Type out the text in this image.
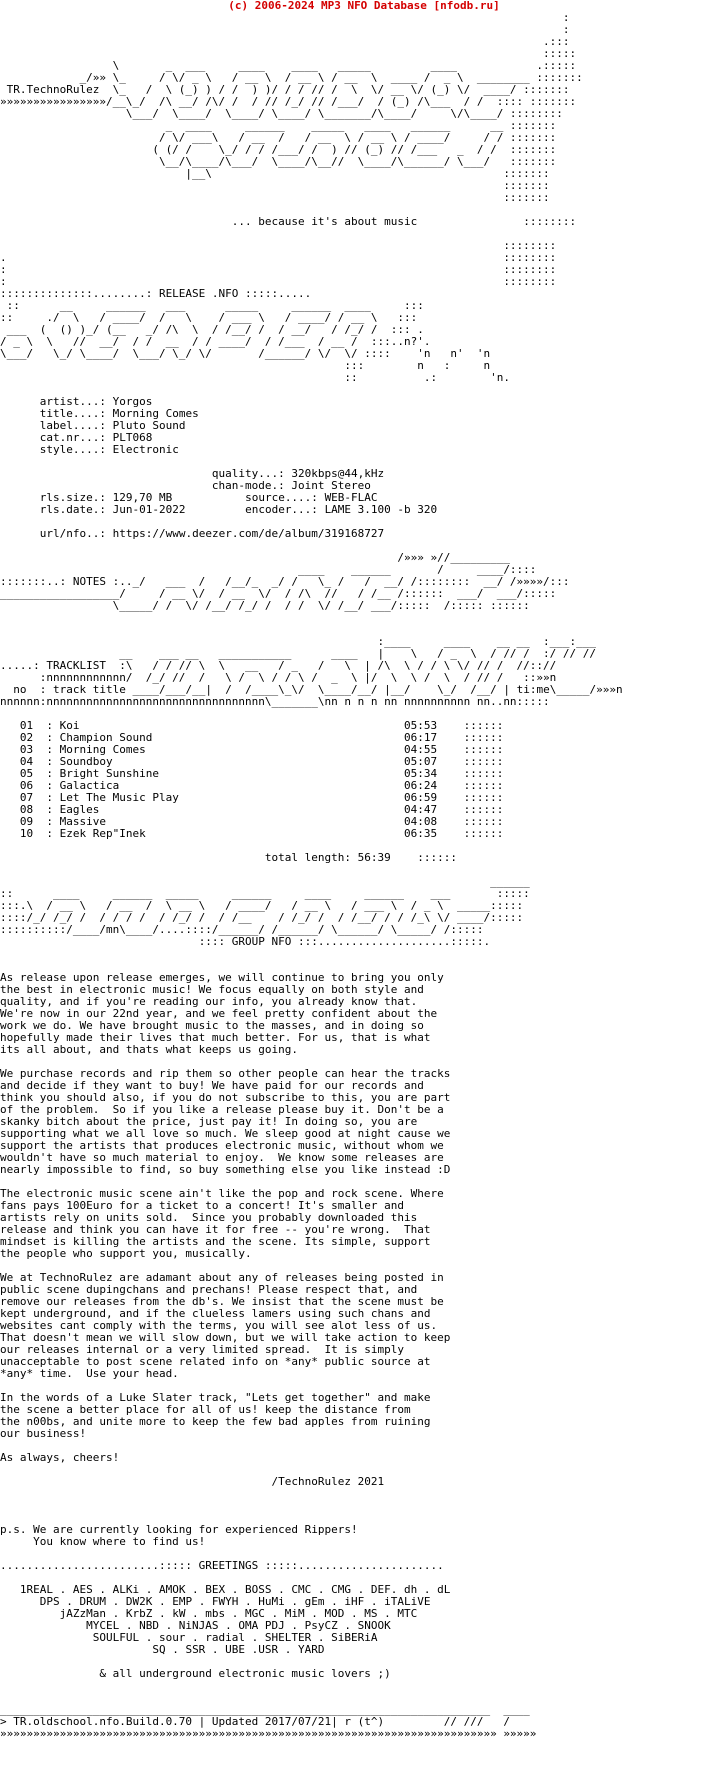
(c) 2006-2024 MP3 NFO Database [nfodb.ru]
:
:
.:::
:::::
\       _  ___     ____    ____   _____         ____            .:::::
_/»» \_     / \/ _ \   / __ \  / __ \ / __  \  ____ /  _ \  ________ :::::::
TR.TechnoRulez  \_   /  \ (_) ) / /  ) )/ / / // /  \  \/ __ \/ (_) \/  ____/ :::::::
»»»»»»»»»»»»»»»»/__\_/  /\ __/ /\/ /  / // /_/ // /___/  / (_) /\___  / /  :::: :::::::
\___/  \____/  \____/ \____/ \_______/\____/     \/\____/ ::::::::
_  ____     ______    _____   ____   ______      __ :::::::
/ \/ ___\   / __  /   / __  \ / __ \ / ____/     / / :::::::
( (/ /    \_/ / / /___/ /  ) // (_) // /___   _  / /  :::::::
\__/\____/\___/  \____/\__//  \____/\______/ \___/   :::::::
|__\                                            :::::::
:::::::
:::::::

... because it's about music                ::::::::

::::::::
.                                                                           ::::::::
:                                                                           ::::::::
:                                                                           ::::::::
::::::::::::::........: RELEASE .NFO :::::.....
::      __     ______   ___      _____     ______  ____     :::
::     ./  \   / ____/  /   \    / ___ \   / ____/ / __ \   :::
___  (  () )_/ (__   _/ /\  \  / /__/ /  / __/   / /_/ /  ::: .
/ _ \  \   //  __/  / /  __  / / ____/  / /___  / __ /  :::..n?'.
\___/   \_/ \____/  \___/ \_/ \/       /______/ \/  \/ ::::    'n   n'  'n
:::        n   :     n
::          .:        'n.

artist...: Yorgos
title....: Morning Comes
label....: Pluto Sound
cat.nr...: PLT068
style....: Electronic

quality...: 320kbps@44,kHz
chan-mode.: Joint Stereo
rls.size.: 129,70 MB	source....: WEB-FLAC
rls.date.: Jun-01-2022	encoder...: LAME 3.100 -b 320

url/nfo..: https://www.deezer.com/de/album/319168727

/»»» »//_________
____    ______       /     ____/::::
:::::::..: NOTES :.._/   ___  /   /__/_  _/ /   \_ /   /  __/ /::::::::  __/ /»»»»/:::
__________________/     / __ \/  / __  \/  / /\  //   / /__ /::::::  ___/  ___/:::::
\_____/ /  \/ /__/ /_/ /  / /  \/ /__/ ___/:::::  /::::: ::::::

:____     ____    __ __  :___:___
__    ___ __   ___________      ____   |    \   / _  \  / // /  :/ // //
.....: TRACKLIST  :\   / / // \  \   __   / _   /   \  | /\  \ / / \ \/ // /  //:://
:nnnnnnnnnnnn/  /_/ //  /   \ /  \ / / \ /  _  \ |/  \  \ /  \  / // /   ::»»n
no  : track title ____/___/__|  /  /____\_\/  \____/__/ |__/    \_/  /__/ | ti:me\_____/»»»n
nnnnnn:nnnnnnnnnnnnnnnnnnnnnnnnnnnnnnnnn\_______\nn n n n nn nnnnnnnnnn nn..nn:::::

01  : Koi	05:53    ::::::
02  : Champion Sound	06:17    ::::::
03  : Morning Comes	04:55    ::::::
04  : Soundboy	05:07    ::::::
05  : Bright Sunshine	05:34    ::::::
06  : Galactica	06:24    ::::::
07  : Let The Music Play	06:59    ::::::
08  : Eagles	04:47    ::::::
09  : Massive	04:08    ::::::
10  : Ezek Rep"Inek	06:35    ::::::

total length: 56:39    ::::::

______
::      ____     ______  _____     ______     ____     ______    ___       :::::
:::.\  / __ \   / __  /  \ __ \   / ____/   / __ \   / ___ \  / _ \  _____:::::
::::/_/ /_/ /  / / / /  / /_/ /  / /__    / /_/ /  / /__/ / / /_\ \/ ____/:::::
::::::::::/____/mn\____/....::::/______/ /______/ \______/ \_____/ /:::::
:::: GROUP NFO :::....................:::::.

As release upon release emerges, we will continue to bring you only
the best in electronic music! We focus equally on both style and
quality, and if you're reading our info, you already know that.
We're now in our 22nd year, and we feel pretty confident about the
work we do. We have brought music to the masses, and in doing so
hopefully made their lives that much better. For us, that is what
its all about, and thats what keeps us going.

We purchase records and rip them so other people can hear the tracks
and decide if they want to buy! We have paid for our records and
think you should also, if you do not subscribe to this, you are part
of the problem.  So if you like a release please buy it. Don't be a
skanky bitch about the price, just pay it! In doing so, you are
supporting what we all love so much. We sleep good at night cause we
support the artists that produces electronic music, without whom we
wouldn't have so much material to enjoy.  We know some releases are
nearly impossible to find, so buy something else you like instead :D

The electronic music scene ain't like the pop and rock scene. Where
fans pays 100Euro for a ticket to a concert! It's smaller and
artists rely on units sold.  Since you probably downloaded this
release and think you can have it for free -- you're wrong.  That
mindset is killing the artists and the scene. Its simple, support
the people who support you, musically.

We at TechnoRulez are adamant about any of releases being posted in
public scene dupingchans and prechans! Please respect that, and
remove our releases from the db's. We insist that the scene must be
kept underground, and if the clueless lamers using such chans and
websites cant comply with the terms, you will see alot less of us.
That doesn't mean we will slow down, but we will take action to keep
our releases internal or a very limited spread.  It is simply
unacceptable to post scene related info on *any* public source at
*any* time.  Use your head.

In the words of a Luke Slater track, "Lets get together" and make
the scene a better place for all of us! keep the distance from
the n00bs, and unite more to keep the few bad apples from ruining
our business!

As always, cheers!

/TechnoRulez 2021

p.s. We are currently looking for experienced Rippers!
You know where to find us!

........................::::: GREETINGS :::::......................

1REAL . AES . ALKi . AMOK . BEX . BOSS . CMC . CMG . DEF. dh . dL
DPS . DRUM . DW2K . EMP . FWYH . HuMi . gEm . iHF . iTALiVE
jAZzMan . KrbZ . kW . mbs . MGC . MiM . MOD . MS . MTC
MYCEL . NBD . NiNJAS . OMA PDJ . PsyCZ . SNOOK
SOULFUL . sour . radial . SHELTER . SiBERiA
SQ . SSR . UBE .USR . YARD

& all underground electronic music lovers ;)

__________________________________________________________________________  ____
> TR.oldschool.nfo.Build.0.70 | Updated 2017/07/21| r (t^)         // ///   /
»»»»»»»»»»»»»»»»»»»»»»»»»»»»»»»»»»»»»»»»»»»»»»»»»»»»»»»»»»»»»»»»»»»»»»»»»»» »»»»»
